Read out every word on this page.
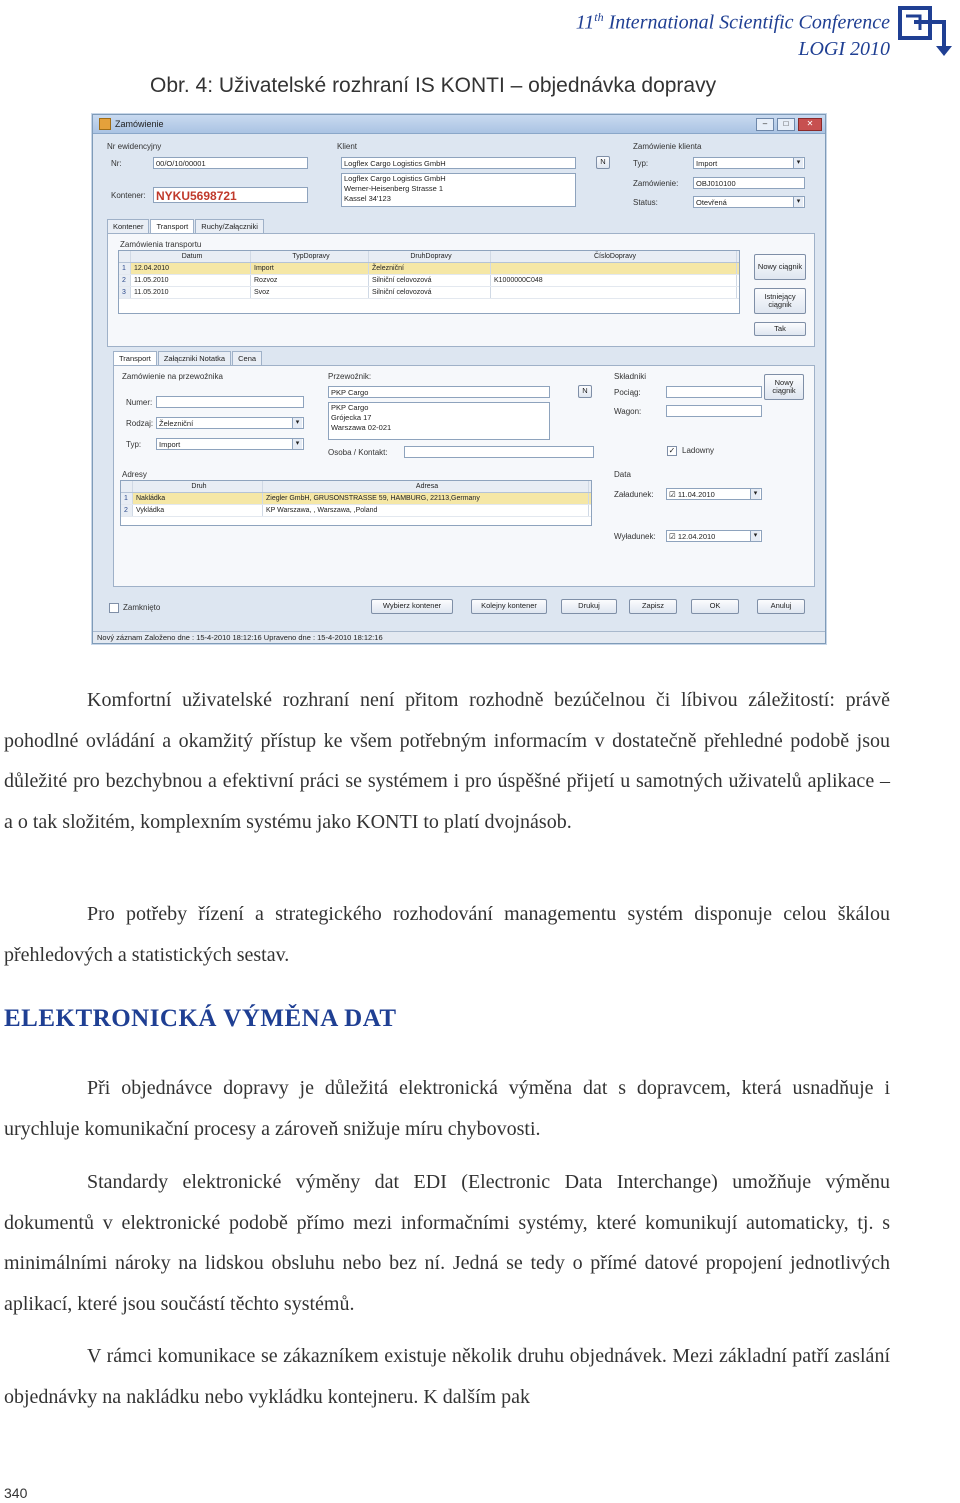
11th International Scientific Conference
LOGI 2010
Obr. 4: Uživatelské rozhraní IS KONTI – objednávka dopravy
Zamówienie	–	□	✕
Nr ewidencyjny
Nr:	00/O/10/00001
Kontener: NYKU5698721
Klient
Logflex Cargo Logistics GmbH	N
Logflex Cargo Logistics GmbH
Werner-Heisenberg Strasse 1
Kassel 34'123
Zamówienie klienta
Typ:	Import ▾
Zamówienie:	OBJ010100
Status:	Otevřená ▾
Kontener	Transport	Ruchy/Załączniki
Zamówienia transportu
Datum	TypDopravy	DruhDopravy	ČísloDopravy
1	12.04.2010	Import	Železniční
2	11.05.2010	Rozvoz	Silniční celovozová	K1000000C048
3	11.05.2010	Svoz	Silniční celovozová
Nowy ciągnik
Istniejący ciągnik
Tak
Transport	Załączniki Notatka	Cena
Zamówienie na przewoźnika
Numer:
Rodzaj: Železniční ▾
Typ:	Import ▾
Przewoźnik:
PKP Cargo	N
PKP Cargo
Grójecka 17
Warszawa 02-021
Osoba / Kontakt:
Składniki
Pociąg:
Wagon:
✓ Ladowny
Nowy ciągnik
Adresy
Druh	Adresa
1	Nakládka	Ziegler GmbH, GRUSONSTRASSE 59, HAMBURG, 22113,Germany
2	Vykládka	KP Warszawa, , Warszawa, ,Poland
Data
Załadunek:	☑ 11.04.2010 ▾
Wyładunek:	☑ 12.04.2010 ▾
Zamknięto	Wybierz kontener	Kolejny kontener	Drukuj	Zapisz	OK	Anuluj
Nový záznam Založeno dne : 15-4-2010 18:12:16 Upraveno dne : 15-4-2010 18:12:16
Komfortní uživatelské rozhraní není přitom rozhodně bezúčelnou či líbivou záležitostí: právě pohodlné ovládání a okamžitý přístup ke všem potřebným informacím v dostatečně přehledné podobě jsou důležité pro bezchybnou a efektivní práci se systémem i pro úspěšné přijetí u samotných uživatelů aplikace – a o tak složitém, komplexním systému jako KONTI to platí dvojnásob.
Pro potřeby řízení a strategického rozhodování managementu systém disponuje celou škálou přehledových a statistických sestav.
ELEKTRONICKÁ VÝMĚNA DAT
Při objednávce dopravy je důležitá elektronická výměna dat s dopravcem, která usnadňuje i urychluje komunikační procesy a zároveň snižuje míru chybovosti.
Standardy elektronické výměny dat EDI (Electronic Data Interchange) umožňuje výměnu dokumentů v elektronické podobě přímo mezi informačními systémy, které komunikují automaticky, tj. s minimálními nároky na lidskou obsluhu nebo bez ní. Jedná se tedy o přímé datové propojení jednotlivých aplikací, které jsou součástí těchto systémů.
V rámci komunikace se zákazníkem existuje několik druhu objednávek. Mezi základní patří zaslání objednávky na nakládku nebo vykládku kontejneru. K dalším pak
340
